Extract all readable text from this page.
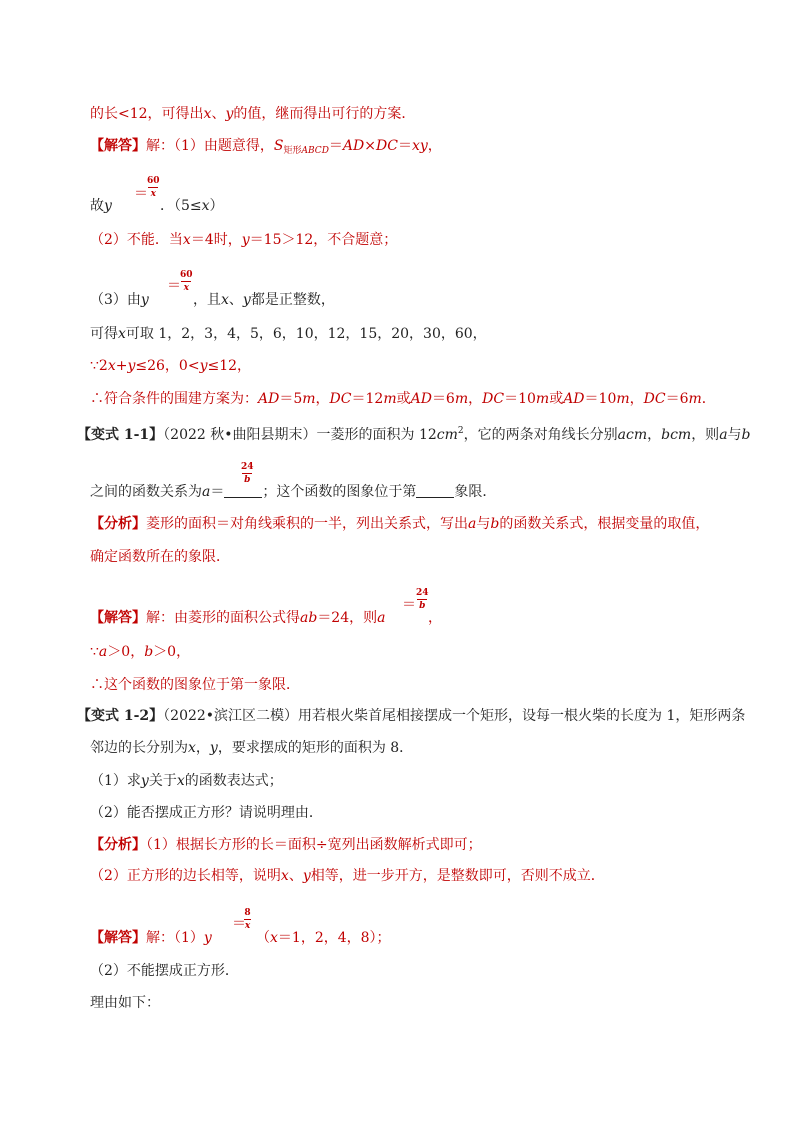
的长<12，可得出x、y的值，继而得出可行的方案．
【解答】解：（1）由题意得，$S_{矩形ABCD}=AD\times DC=xy$，
故y
＝
60
x
．（5≤x）
（2）不能．当x＝4时，y＝15＞12，不合题意；
（3）由y
＝
60
x
，且x、y都是正整数，
可得x可取 1，2，3，4，5，6，10，12，15，20，30，60，
∵2x+y≤26，0<y≤12，
∴符合条件的围建方案为：AD＝5m，DC＝12m或AD＝6m，DC＝10m或AD＝10m，DC＝6m．
【变式 1-1】（2022 秋•曲阳县期末）一菱形的面积为 $12cm^2$，它的两条对角线长分别acm，bcm，则a与b
之间的函数关系为a＝	；这个函数的图象位于第	象限．
24
b
【分析】菱形的面积＝对角线乘积的一半，列出关系式，写出a与b的函数关系式，根据变量的取值，
确定函数所在的象限．
【解答】解：由菱形的面积公式得ab＝24，则a
＝
24
b
，
∵a＞0，b＞0，
∴这个函数的图象位于第一象限．
【变式 1-2】（2022•滨江区二模）用若根火柴首尾相接摆成一个矩形，设每一根火柴的长度为 1，矩形两条
邻边的长分别为x，y，要求摆成的矩形的面积为 8．
（1）求y关于x的函数表达式；
（2）能否摆成正方形？请说明理由．
【分析】（1）根据长方形的长＝面积÷宽列出函数解析式即可；
（2）正方形的边长相等，说明x、y相等，进一步开方，是整数即可，否则不成立．
【解答】解：（1）y
＝
8
x
（x＝1，2，4，8）；
（2）不能摆成正方形．
理由如下：
